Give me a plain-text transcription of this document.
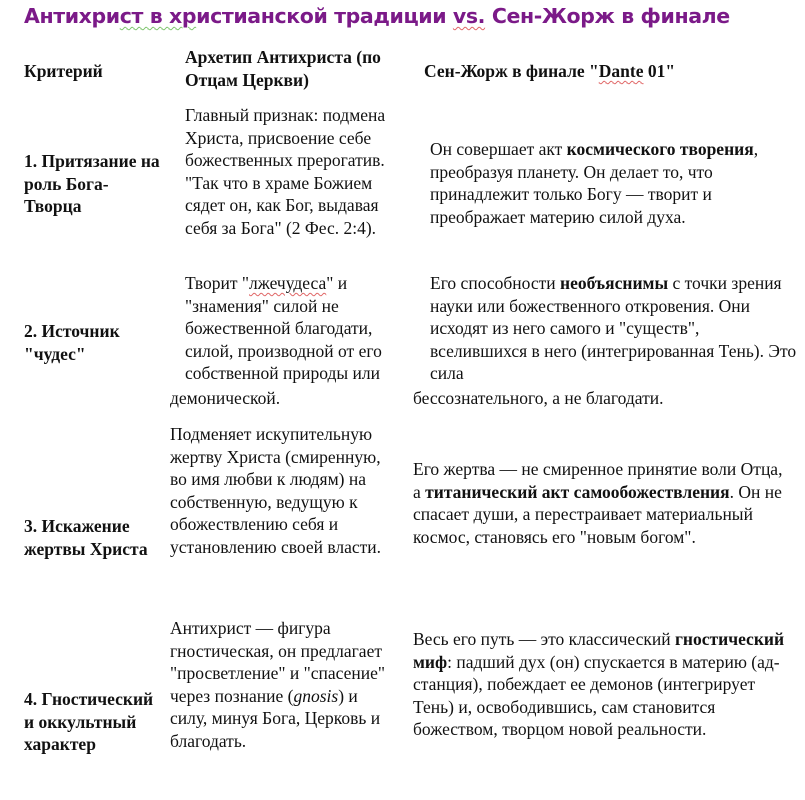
Антихрист в христианской традиции vs. Сен-Жорж в финале
Критерий
Архетип Антихриста (по Отцам Церкви)	Сен-Жорж в финале "Dante 01"
1. Притязание на роль Бога-Творца
Главный признак: подмена Христа, присвоение себе божественных прерогатив. "Так что в храме Божием сядет он, как Бог, выдавая себя за Бога" (2 Фес. 2:4).
Он совершает акт космического творения, преобразуя планету. Он делает то, что принадлежит только Богу — творит и преображает материю силой духа.
2. Источник "чудес"
Творит "лжечудеса" и "знамения" силой не божественной благодати, силой, производной от его собственной природы или
демонической.
Его способности необъяснимы с точки зрения науки или божественного откровения. Они исходят из него самого и "существ", вселившихся в него (интегрированная Тень). Это сила
бессознательного, а не благодати.
3. Искажение жертвы Христа
Подменяет искупительную жертву Христа (смиренную, во имя любви к людям) на собственную, ведущую к обожествлению себя и установлению своей власти.
Его жертва — не смиренное принятие воли Отца, а титанический акт самообожествления. Он не спасает души, а перестраивает материальный космос, становясь его "новым богом".
4. Гностический и оккультный характер
Антихрист — фигура гностическая, он предлагает "просветление" и "спасение" через познание (gnosis) и силу, минуя Бога, Церковь и благодать.
Весь его путь — это классический гностический миф: падший дух (он) спускается в материю (ад-станция), побеждает ее демонов (интегрирует Тень) и, освободившись, сам становится божеством, творцом новой реальности.
